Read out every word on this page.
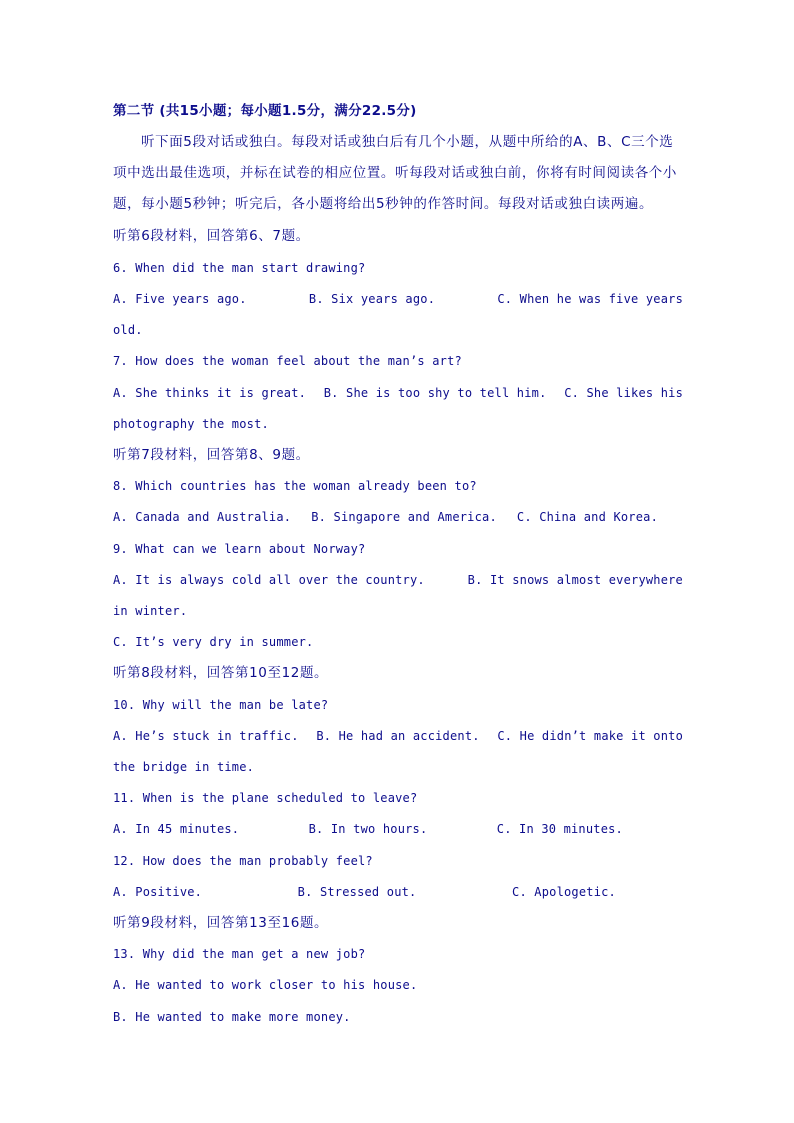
第二节 (共15小题；每小题1.5分，满分22.5分)
听下面5段对话或独白。每段对话或独白后有几个小题，从题中所给的A、B、C三个选
项中选出最佳选项，并标在试卷的相应位置。听每段对话或独白前，你将有时间阅读各个小
题，每小题5秒钟；听完后，各小题将给出5秒钟的作答时间。每段对话或独白读两遍。
听第6段材料，回答第6、7题。
6. When did the man start drawing?
A. Five years ago.	B. Six years ago.	C. When he was five years
old.
7. How does the woman feel about the man’s art?
A. She thinks it is great. B. She is too shy to tell him. C. She likes his
photography the most.
听第7段材料，回答第8、9题。
8. Which countries has the woman already been to?
A. Canada and Australia. B. Singapore and America. C. China and Korea.
9. What can we learn about Norway?
A. It is always cold all over the country.	B. It snows almost everywhere
in winter.
C. It’s very dry in summer.
听第8段材料，回答第10至12题。
10. Why will the man be late?
A. He’s stuck in traffic. B. He had an accident. C. He didn’t make it onto
the bridge in time.
11. When is the plane scheduled to leave?
A. In 45 minutes.	B. In two hours.	C. In 30 minutes.
12. How does the man probably feel?
A. Positive.	B. Stressed out.	C. Apologetic.
听第9段材料，回答第13至16题。
13. Why did the man get a new job?
A. He wanted to work closer to his house.
B. He wanted to make more money.
